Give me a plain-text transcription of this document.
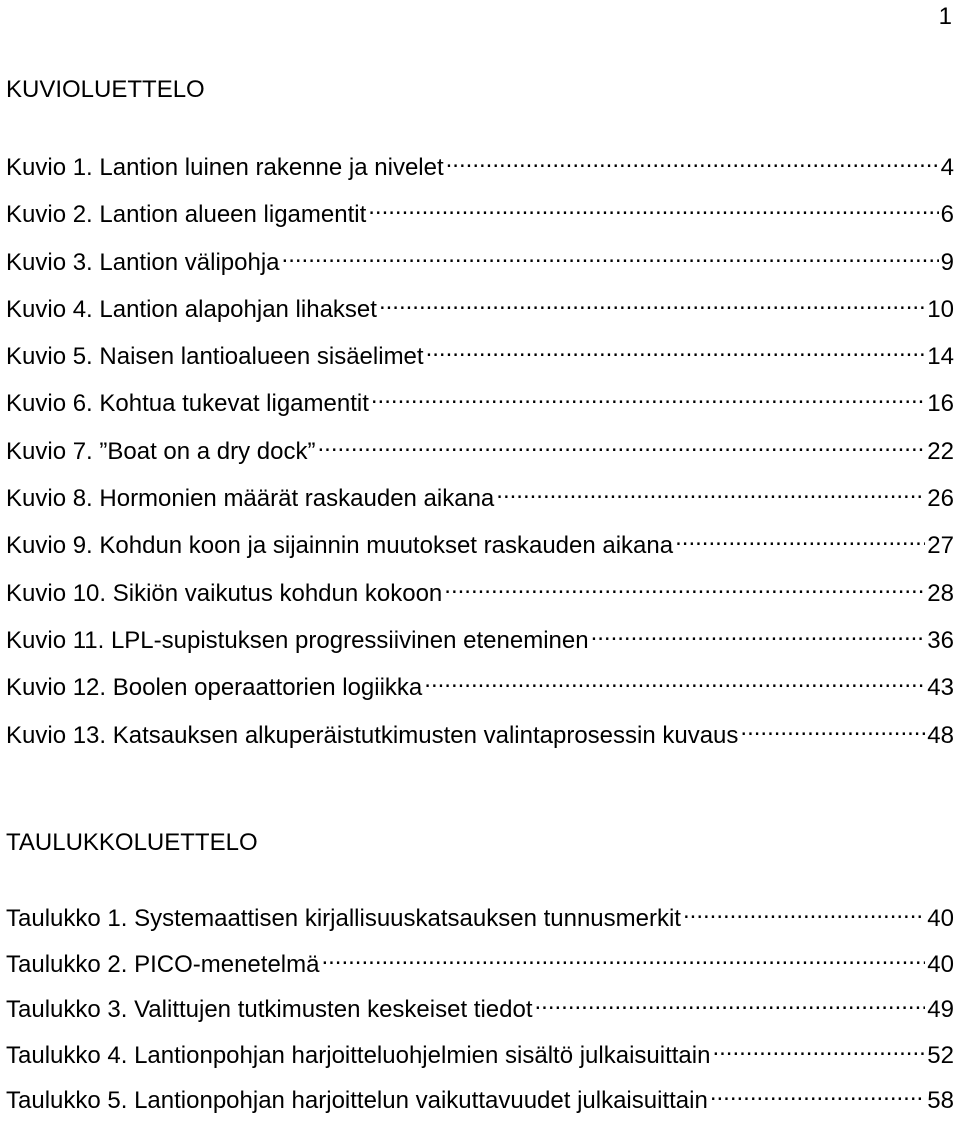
1
KUVIOLUETTELO
Kuvio 1. Lantion luinen rakenne ja nivelet .....	4
Kuvio 2. Lantion alueen ligamentit .....	6
Kuvio 3. Lantion välipohja .....	9
Kuvio 4. Lantion alapohjan lihakset .....	10
Kuvio 5. Naisen lantioalueen sisäelimet .....	14
Kuvio 6. Kohtua tukevat ligamentit .....	16
Kuvio 7. ”Boat on a dry dock” .....	22
Kuvio 8. Hormonien määrät raskauden aikana .....	26
Kuvio 9. Kohdun koon ja sijainnin muutokset raskauden aikana .....	27
Kuvio 10. Sikiön vaikutus kohdun kokoon .....	28
Kuvio 11. LPL-supistuksen progressiivinen eteneminen .....	36
Kuvio 12. Boolen operaattorien logiikka .....	43
Kuvio 13. Katsauksen alkuperäistutkimusten valintaprosessin kuvaus .....	48
TAULUKKOLUETTELO
Taulukko 1. Systemaattisen kirjallisuuskatsauksen tunnusmerkit .....	40
Taulukko 2. PICO-menetelmä .....	40
Taulukko 3. Valittujen tutkimusten keskeiset tiedot .....	49
Taulukko 4. Lantionpohjan harjoitteluohjelmien sisältö julkaisuittain .....	52
Taulukko 5. Lantionpohjan harjoittelun vaikuttavuudet julkaisuittain .....	58
